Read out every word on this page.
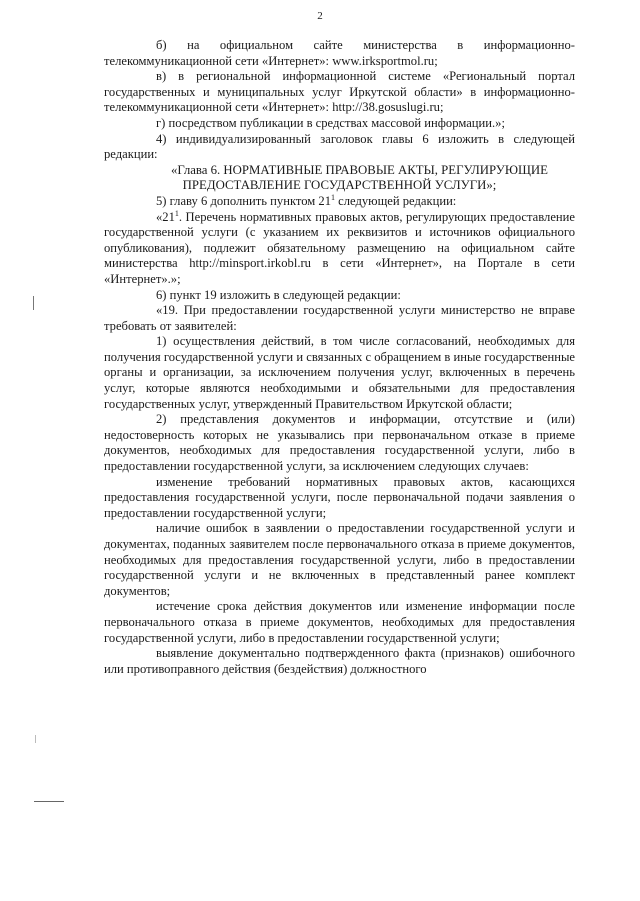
2

б) на официальном сайте министерства в информационно-телекоммуникационной сети «Интернет»: www.irksportmol.ru;

в) в региональной информационной системе «Региональный портал государственных и муниципальных услуг Иркутской области» в информационно-телекоммуникационной сети «Интернет»: http://38.gosuslugi.ru;

г) посредством публикации в средствах массовой информации.»;

4) индивидуализированный заголовок главы 6 изложить в следующей редакции:

«Глава 6. НОРМАТИВНЫЕ ПРАВОВЫЕ АКТЫ, РЕГУЛИРУЮЩИЕ

ПРЕДОСТАВЛЕНИЕ ГОСУДАРСТВЕННОЙ УСЛУГИ»;

5) главу 6 дополнить пунктом $21^1$ следующей редакции:

«$21^1$. Перечень нормативных правовых актов, регулирующих предоставление государственной услуги (с указанием их реквизитов и источников официального опубликования), подлежит обязательному размещению на официальном сайте министерства http://minsport.irkobl.ru в сети «Интернет», на Портале в сети «Интернет».»;

6) пункт 19 изложить в следующей редакции:

«19. При предоставлении государственной услуги министерство не вправе требовать от заявителей:

1) осуществления действий, в том числе согласований, необходимых для получения государственной услуги и связанных с обращением в иные государственные органы и организации, за исключением получения услуг, включенных в перечень услуг, которые являются необходимыми и обязательными для предоставления государственных услуг, утвержденный Правительством Иркутской области;

2) представления документов и информации, отсутствие и (или) недостоверность которых не указывались при первоначальном отказе в приеме документов, необходимых для предоставления государственной услуги, либо в предоставлении государственной услуги, за исключением следующих случаев:

изменение требований нормативных правовых актов, касающихся предоставления государственной услуги, после первоначальной подачи заявления о предоставлении государственной услуги;

наличие ошибок в заявлении о предоставлении государственной услуги и документах, поданных заявителем после первоначального отказа в приеме документов, необходимых для предоставления государственной услуги, либо в предоставлении государственной услуги и не включенных в представленный ранее комплект документов;

истечение срока действия документов или изменение информации после первоначального отказа в приеме документов, необходимых для предоставления государственной услуги, либо в предоставлении государственной услуги;

выявление документально подтвержденного факта (признаков) ошибочного или противоправного действия (бездействия) должностного
